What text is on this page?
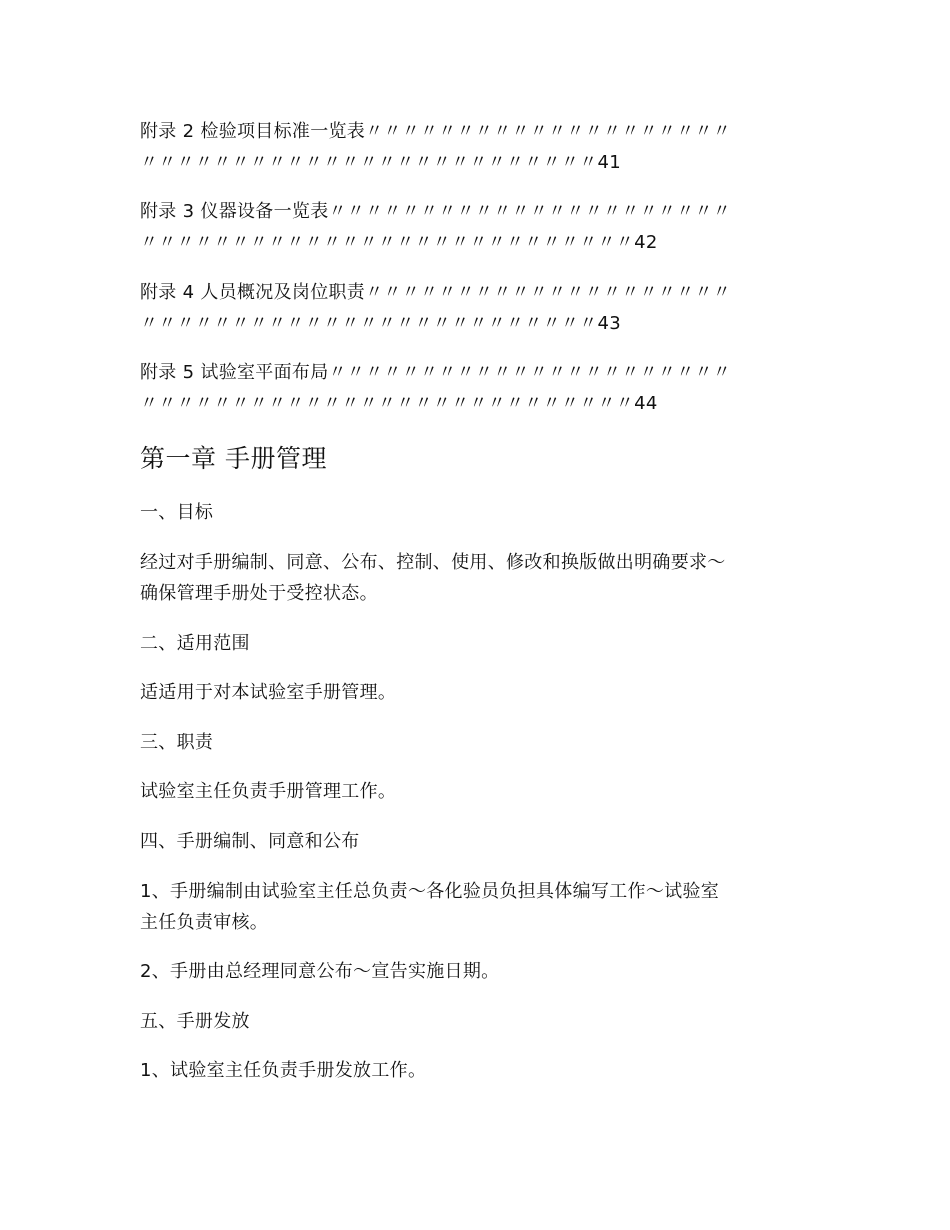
附录 2 检验项目标准一览表〃〃〃〃〃〃〃〃〃〃〃〃〃〃〃〃〃〃〃〃
〃〃〃〃〃〃〃〃〃〃〃〃〃〃〃〃〃〃〃〃〃〃〃〃〃41
附录 3 仪器设备一览表〃〃〃〃〃〃〃〃〃〃〃〃〃〃〃〃〃〃〃〃〃〃
〃〃〃〃〃〃〃〃〃〃〃〃〃〃〃〃〃〃〃〃〃〃〃〃〃〃〃42
附录 4 人员概况及岗位职责〃〃〃〃〃〃〃〃〃〃〃〃〃〃〃〃〃〃〃〃
〃〃〃〃〃〃〃〃〃〃〃〃〃〃〃〃〃〃〃〃〃〃〃〃〃43
附录 5 试验室平面布局〃〃〃〃〃〃〃〃〃〃〃〃〃〃〃〃〃〃〃〃〃〃
〃〃〃〃〃〃〃〃〃〃〃〃〃〃〃〃〃〃〃〃〃〃〃〃〃〃〃44
第一章 手册管理
一、目标
经过对手册编制、同意、公布、控制、使用、修改和换版做出明确要求～
确保管理手册处于受控状态。
二、适用范围
适适用于对本试验室手册管理。
三、职责
试验室主任负责手册管理工作。
四、手册编制、同意和公布
1、手册编制由试验室主任总负责～各化验员负担具体编写工作～试验室
主任负责审核。
2、手册由总经理同意公布～宣告实施日期。
五、手册发放
1、试验室主任负责手册发放工作。
